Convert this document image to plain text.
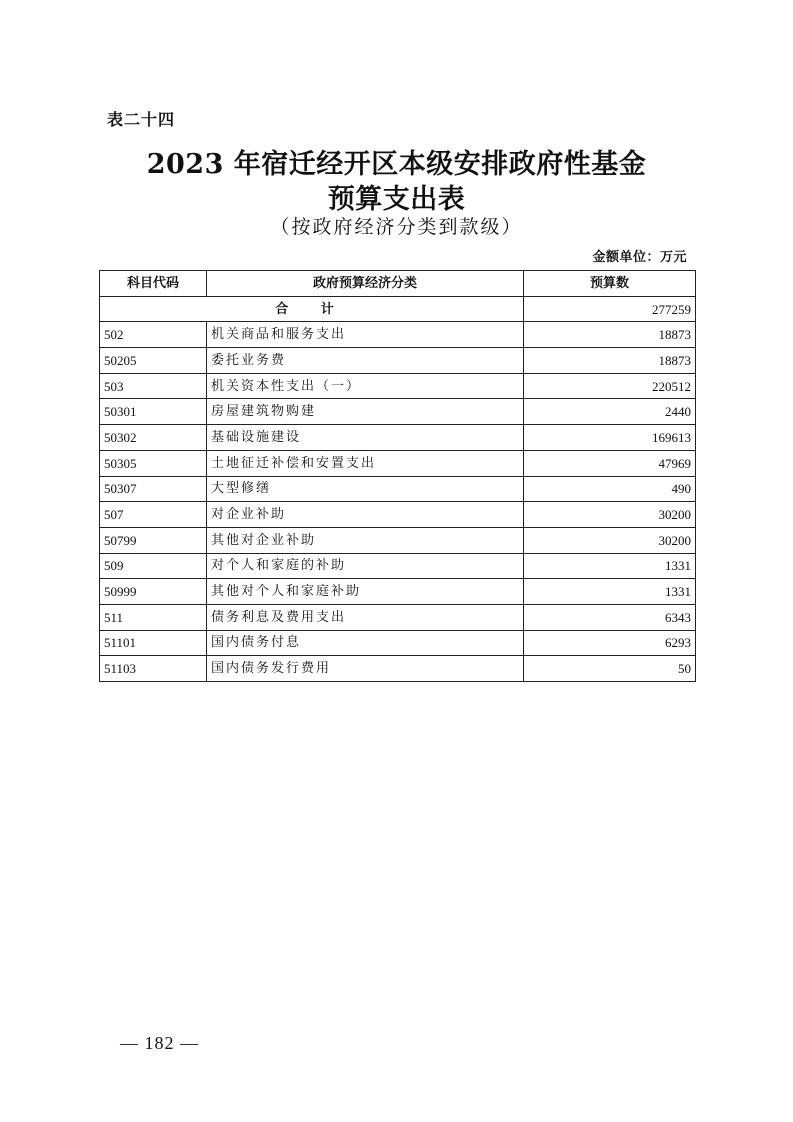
表二十四
2023 年宿迁经开区本级安排政府性基金
预算支出表
（按政府经济分类到款级）
金额单位：万元
科目代码	政府预算经济分类	预算数
合 计		277259
502	机关商品和服务支出	18873
50205	委托业务费	18873
503	机关资本性支出（一）	220512
50301	房屋建筑物购建	2440
50302	基础设施建设	169613
50305	土地征迁补偿和安置支出	47969
50307	大型修缮	490
507	对企业补助	30200
50799	其他对企业补助	30200
509	对个人和家庭的补助	1331
50999	其他对个人和家庭补助	1331
511	债务利息及费用支出	6343
51101	国内债务付息	6293
51103	国内债务发行费用	50
— 182 —
